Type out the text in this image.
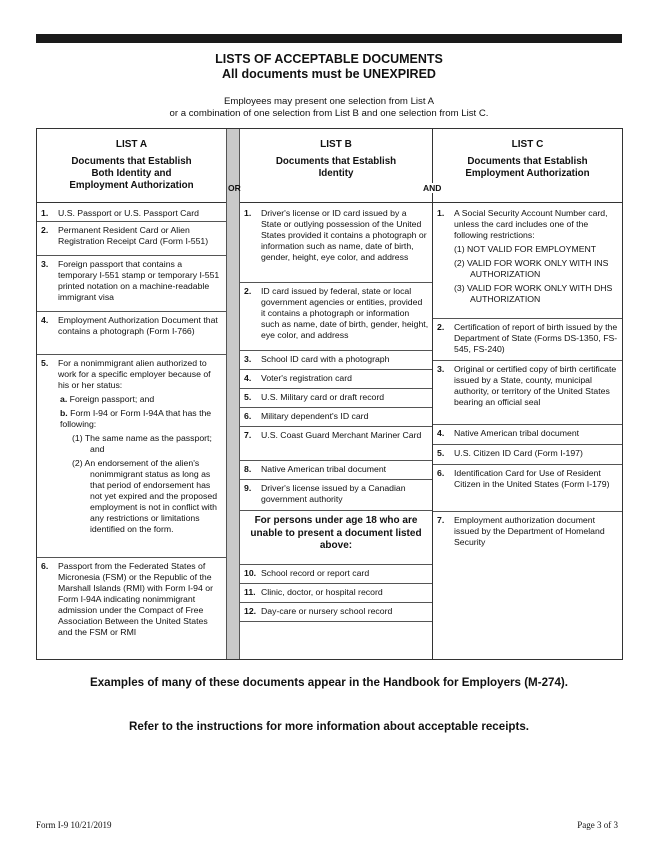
LISTS OF ACCEPTABLE DOCUMENTS
All documents must be UNEXPIRED
Employees may present one selection from List A
or a combination of one selection from List B and one selection from List C.
LIST A
Documents that Establish
Both Identity and
Employment Authorization
1. U.S. Passport or U.S. Passport Card
2. Permanent Resident Card or Alien Registration Receipt Card (Form I-551)
3. Foreign passport that contains a temporary I-551 stamp or temporary I-551 printed notation on a machine-readable immigrant visa
4. Employment Authorization Document that contains a photograph (Form I-766)
5. For a nonimmigrant alien authorized to work for a specific employer because of his or her status:
a. Foreign passport; and
b. Form I-94 or Form I-94A that has the following:
(1) The same name as the passport; and
(2) An endorsement of the alien's nonimmigrant status as long as that period of endorsement has not yet expired and the proposed employment is not in conflict with any restrictions or limitations identified on the form.
6. Passport from the Federated States of Micronesia (FSM) or the Republic of the Marshall Islands (RMI) with Form I-94 or Form I-94A indicating nonimmigrant admission under the Compact of Free Association Between the United States and the FSM or RMI
OR
LIST B
Documents that Establish
Identity
1. Driver's license or ID card issued by a State or outlying possession of the United States provided it contains a photograph or information such as name, date of birth, gender, height, eye color, and address
2. ID card issued by federal, state or local government agencies or entities, provided it contains a photograph or information such as name, date of birth, gender, height, eye color, and address
3. School ID card with a photograph
4. Voter's registration card
5. U.S. Military card or draft record
6. Military dependent's ID card
7. U.S. Coast Guard Merchant Mariner Card
8. Native American tribal document
9. Driver's license issued by a Canadian government authority
For persons under age 18 who are unable to present a document listed above:
10. School record or report card
11. Clinic, doctor, or hospital record
12. Day-care or nursery school record
AND
LIST C
Documents that Establish
Employment Authorization
1. A Social Security Account Number card, unless the card includes one of the following restrictions:
(1) NOT VALID FOR EMPLOYMENT
(2) VALID FOR WORK ONLY WITH INS AUTHORIZATION
(3) VALID FOR WORK ONLY WITH DHS AUTHORIZATION
2. Certification of report of birth issued by the Department of State (Forms DS-1350, FS-545, FS-240)
3. Original or certified copy of birth certificate issued by a State, county, municipal authority, or territory of the United States bearing an official seal
4. Native American tribal document
5. U.S. Citizen ID Card (Form I-197)
6. Identification Card for Use of Resident Citizen in the United States (Form I-179)
7. Employment authorization document issued by the Department of Homeland Security
Examples of many of these documents appear in the Handbook for Employers (M-274).
Refer to the instructions for more information about acceptable receipts.
Form I-9 10/21/2019	Page 3 of 3
